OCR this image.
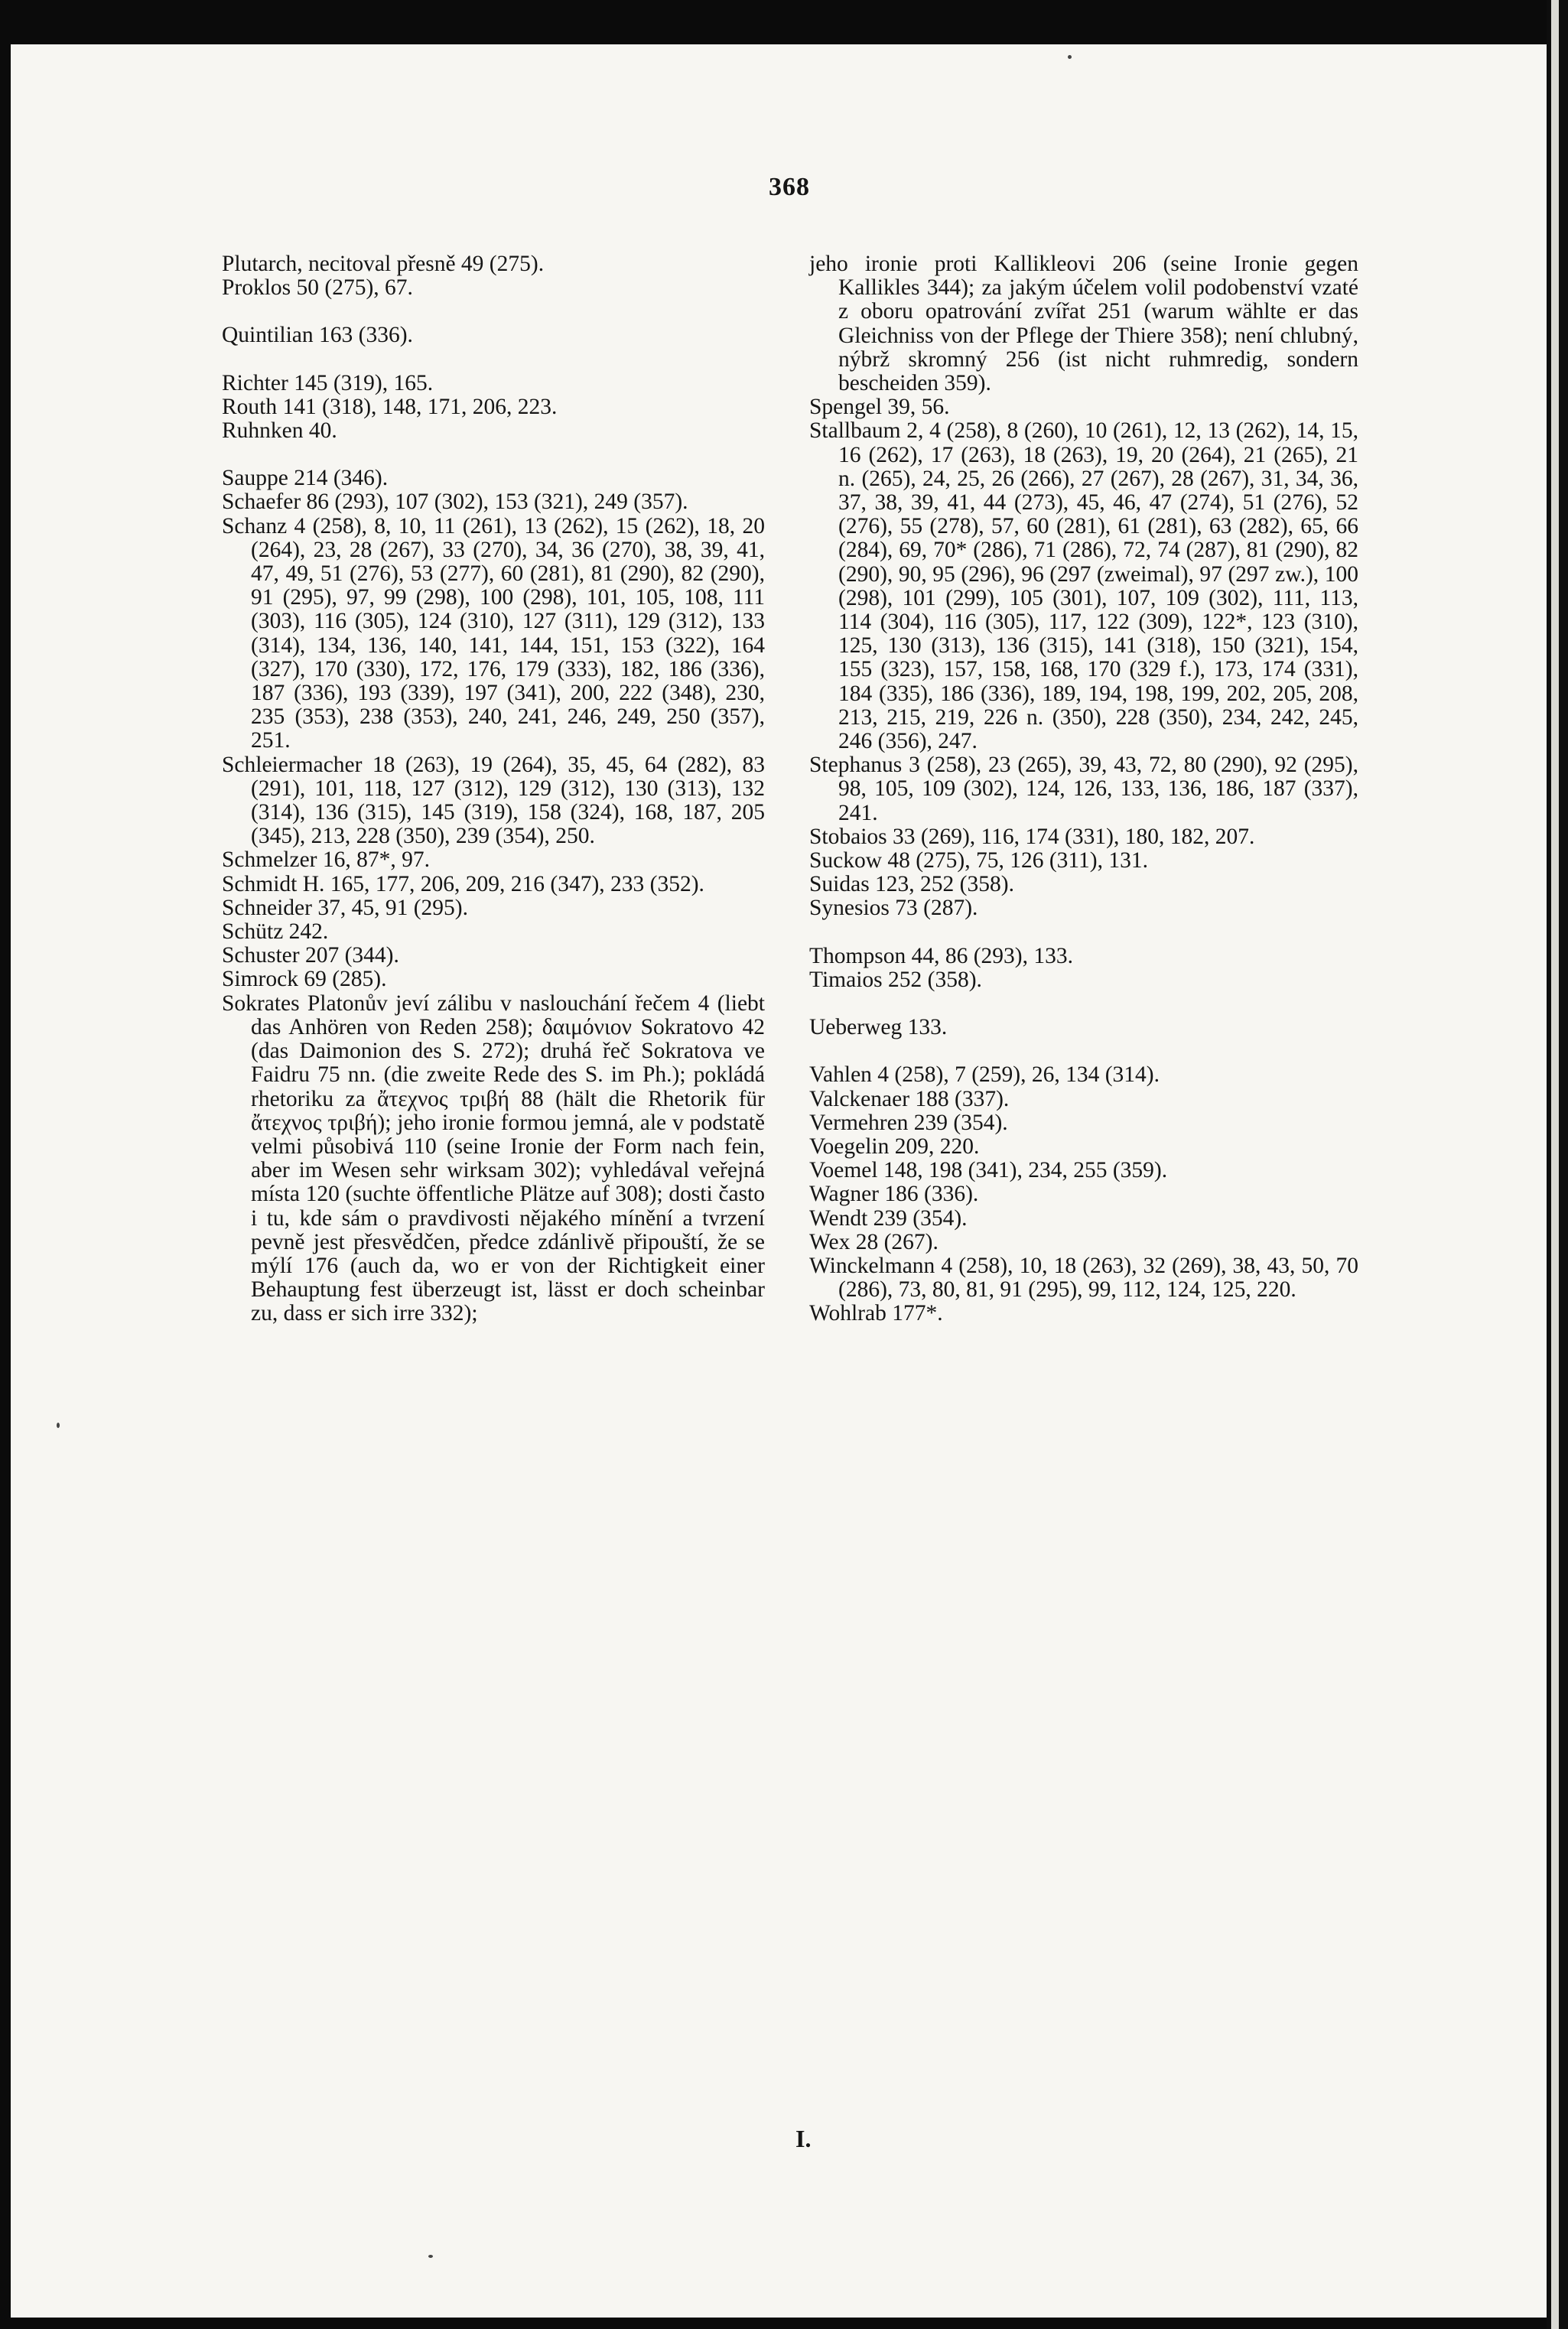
368
Plutarch, necitoval přesně 49 (275).
Proklos 50 (275), 67.
Quintilian 163 (336).
Richter 145 (319), 165.
Routh 141 (318), 148, 171, 206, 223.
Ruhnken 40.
Sauppe 214 (346).
Schaefer 86 (293), 107 (302), 153 (321), 249 (357).
Schanz 4 (258), 8, 10, 11 (261), 13 (262), 15 (262), 18, 20 (264), 23, 28 (267), 33 (270), 34, 36 (270), 38, 39, 41, 47, 49, 51 (276), 53 (277), 60 (281), 81 (290), 82 (290), 91 (295), 97, 99 (298), 100 (298), 101, 105, 108, 111 (303), 116 (305), 124 (310), 127 (311), 129 (312), 133 (314), 134, 136, 140, 141, 144, 151, 153 (322), 164 (327), 170 (330), 172, 176, 179 (333), 182, 186 (336), 187 (336), 193 (339), 197 (341), 200, 222 (348), 230, 235 (353), 238 (353), 240, 241, 246, 249, 250 (357), 251.
Schleiermacher 18 (263), 19 (264), 35, 45, 64 (282), 83 (291), 101, 118, 127 (312), 129 (312), 130 (313), 132 (314), 136 (315), 145 (319), 158 (324), 168, 187, 205 (345), 213, 228 (350), 239 (354), 250.
Schmelzer 16, 87*, 97.
Schmidt H. 165, 177, 206, 209, 216 (347), 233 (352).
Schneider 37, 45, 91 (295).
Schütz 242.
Schuster 207 (344).
Simrock 69 (285).
Sokrates Platonův jeví zálibu v naslouchání řečem 4 (liebt das Anhören von Reden 258); δαιμόνιον Sokratovo 42 (das Daimonion des S. 272); druhá řeč Sokratova ve Faidru 75 nn. (die zweite Rede des S. im Ph.); pokládá rhetoriku za ἄτεχνος τριβή 88 (hält die Rhetorik für ἄτεχνος τριβή); jeho ironie formou jemná, ale v podstatě velmi působivá 110 (seine Ironie der Form nach fein, aber im Wesen sehr wirksam 302); vyhledával veřejná místa 120 (suchte öffentliche Plätze auf 308); dosti často i tu, kde sám o pravdivosti nějakého mínění a tvrzení pevně jest přesvědčen, předce zdánlivě připouští, že se mýlí 176 (auch da, wo er von der Richtigkeit einer Behauptung fest überzeugt ist, lässt er doch scheinbar zu, dass er sich irre 332);
jeho ironie proti Kallikleovi 206 (seine Ironie gegen Kallikles 344); za jakým účelem volil podobenství vzaté z oboru opatrování zvířat 251 (warum wählte er das Gleichniss von der Pflege der Thiere 358); není chlubný, nýbrž skromný 256 (ist nicht ruhmredig, sondern bescheiden 359).
Spengel 39, 56.
Stallbaum 2, 4 (258), 8 (260), 10 (261), 12, 13 (262), 14, 15, 16 (262), 17 (263), 18 (263), 19, 20 (264), 21 (265), 21 n. (265), 24, 25, 26 (266), 27 (267), 28 (267), 31, 34, 36, 37, 38, 39, 41, 44 (273), 45, 46, 47 (274), 51 (276), 52 (276), 55 (278), 57, 60 (281), 61 (281), 63 (282), 65, 66 (284), 69, 70* (286), 71 (286), 72, 74 (287), 81 (290), 82 (290), 90, 95 (296), 96 (297 (zweimal), 97 (297 zw.), 100 (298), 101 (299), 105 (301), 107, 109 (302), 111, 113, 114 (304), 116 (305), 117, 122 (309), 122*, 123 (310), 125, 130 (313), 136 (315), 141 (318), 150 (321), 154, 155 (323), 157, 158, 168, 170 (329 f.), 173, 174 (331), 184 (335), 186 (336), 189, 194, 198, 199, 202, 205, 208, 213, 215, 219, 226 n. (350), 228 (350), 234, 242, 245, 246 (356), 247.
Stephanus 3 (258), 23 (265), 39, 43, 72, 80 (290), 92 (295), 98, 105, 109 (302), 124, 126, 133, 136, 186, 187 (337), 241.
Stobaios 33 (269), 116, 174 (331), 180, 182, 207.
Suckow 48 (275), 75, 126 (311), 131.
Suidas 123, 252 (358).
Synesios 73 (287).
Thompson 44, 86 (293), 133.
Timaios 252 (358).
Ueberweg 133.
Vahlen 4 (258), 7 (259), 26, 134 (314).
Valckenaer 188 (337).
Vermehren 239 (354).
Voegelin 209, 220.
Voemel 148, 198 (341), 234, 255 (359).
Wagner 186 (336).
Wendt 239 (354).
Wex 28 (267).
Winckelmann 4 (258), 10, 18 (263), 32 (269), 38, 43, 50, 70 (286), 73, 80, 81, 91 (295), 99, 112, 124, 125, 220.
Wohlrab 177*.
I.
